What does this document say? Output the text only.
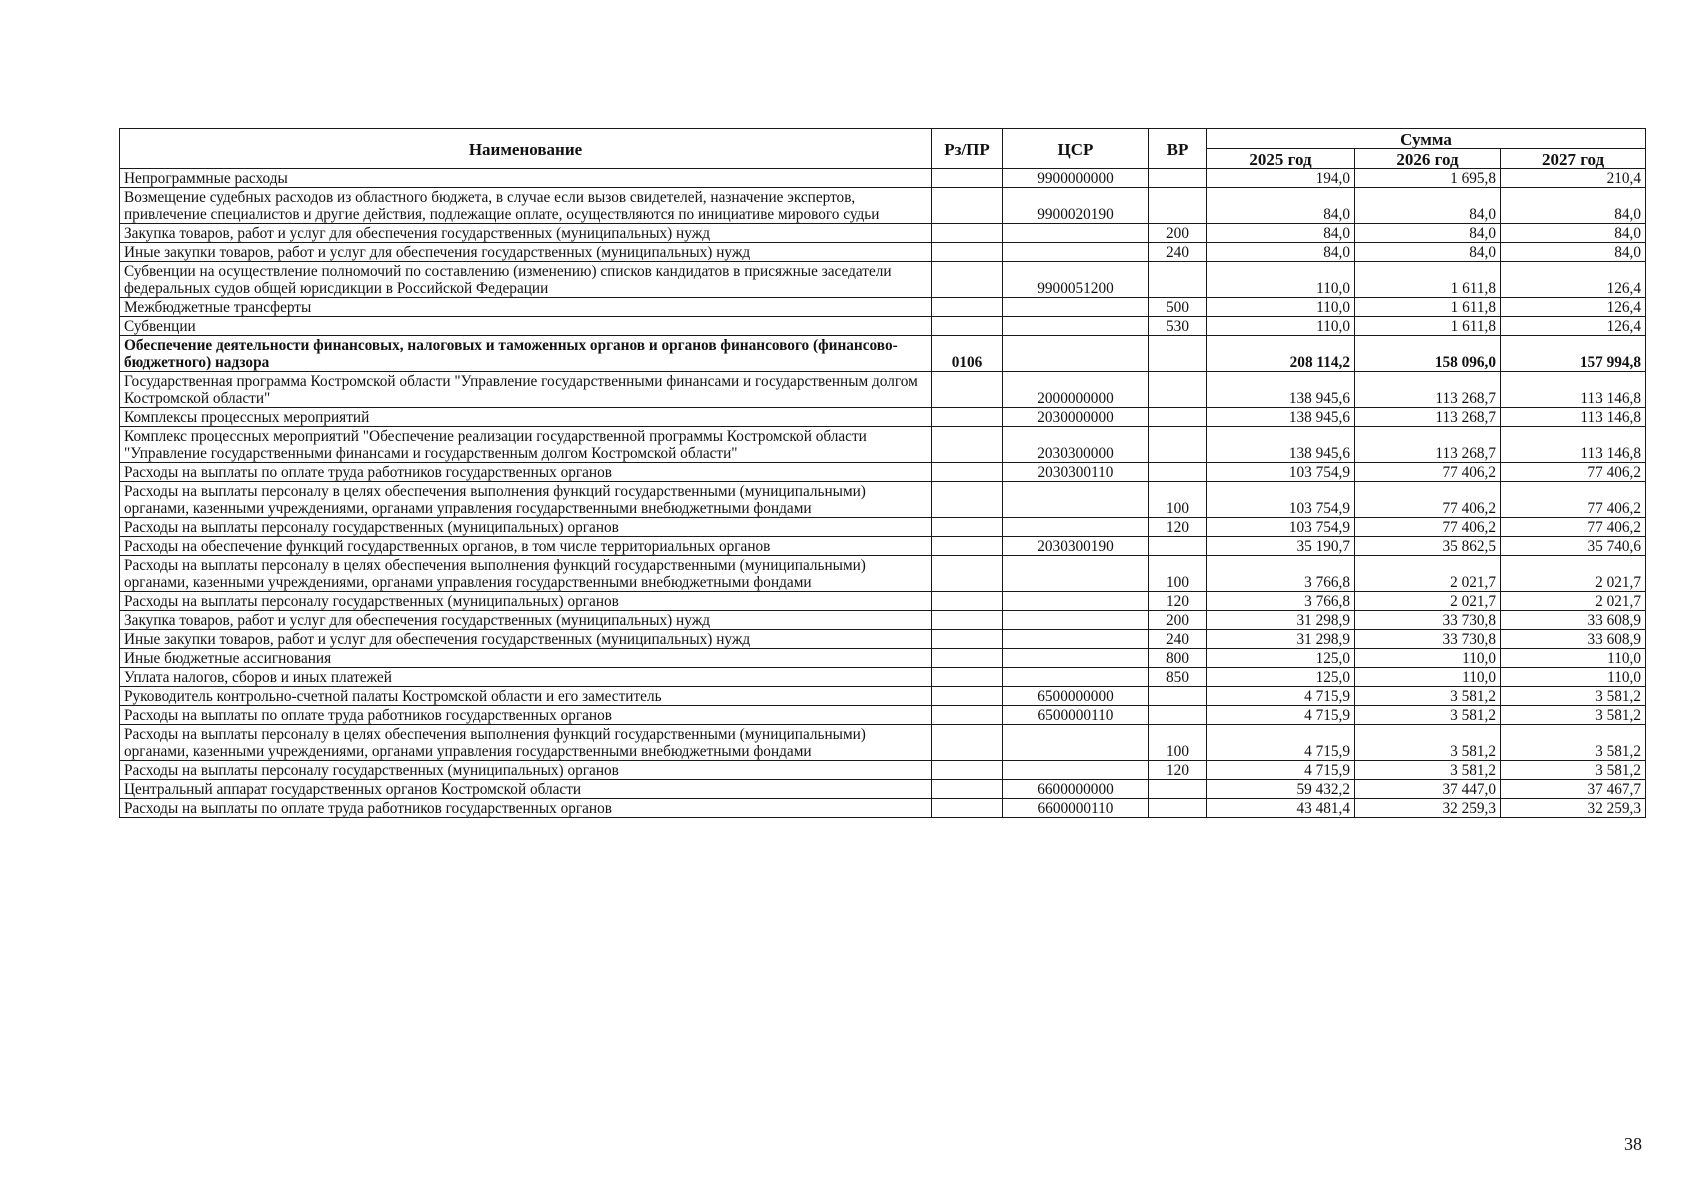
Наименование	Рз/ПР	ЦСР	ВР	Сумма		
				2025 год	2026 год	2027 год
Непрограммные расходы		9900000000		194,0	1 695,8	210,4
Возмещение судебных расходов из областного бюджета, в случае если вызов свидетелей, назначение экспертов, привлечение специалистов и другие действия, подлежащие оплате, осуществляются по инициативе мирового судьи		9900020190		84,0	84,0	84,0
Закупка товаров, работ и услуг для обеспечения государственных (муниципальных) нужд			200	84,0	84,0	84,0
Иные закупки товаров, работ и услуг для обеспечения государственных (муниципальных) нужд			240	84,0	84,0	84,0
Субвенции на осуществление полномочий по составлению (изменению) списков кандидатов в присяжные заседатели федеральных судов общей юрисдикции в Российской Федерации		9900051200		110,0	1 611,8	126,4
Межбюджетные трансферты			500	110,0	1 611,8	126,4
Субвенции			530	110,0	1 611,8	126,4
Обеспечение деятельности финансовых, налоговых и таможенных органов и органов финансового (финансово-бюджетного) надзора	0106			208 114,2	158 096,0	157 994,8
Государственная программа Костромской области "Управление государственными финансами и государственным долгом Костромской области"		2000000000		138 945,6	113 268,7	113 146,8
Комплексы процессных мероприятий		2030000000		138 945,6	113 268,7	113 146,8
Комплекс процессных мероприятий "Обеспечение реализации государственной программы Костромской области "Управление государственными финансами и государственным долгом Костромской области"		2030300000		138 945,6	113 268,7	113 146,8
Расходы на выплаты по оплате труда работников государственных органов		2030300110		103 754,9	77 406,2	77 406,2
Расходы на выплаты персоналу в целях обеспечения выполнения функций государственными (муниципальными) органами, казенными учреждениями, органами управления государственными внебюджетными фондами			100	103 754,9	77 406,2	77 406,2
Расходы на выплаты персоналу государственных (муниципальных) органов			120	103 754,9	77 406,2	77 406,2
Расходы на обеспечение функций государственных органов, в том числе территориальных органов		2030300190		35 190,7	35 862,5	35 740,6
Расходы на выплаты персоналу в целях обеспечения выполнения функций государственными (муниципальными) органами, казенными учреждениями, органами управления государственными внебюджетными фондами			100	3 766,8	2 021,7	2 021,7
Расходы на выплаты персоналу государственных (муниципальных) органов			120	3 766,8	2 021,7	2 021,7
Закупка товаров, работ и услуг для обеспечения государственных (муниципальных) нужд			200	31 298,9	33 730,8	33 608,9
Иные закупки товаров, работ и услуг для обеспечения государственных (муниципальных) нужд			240	31 298,9	33 730,8	33 608,9
Иные бюджетные ассигнования			800	125,0	110,0	110,0
Уплата налогов, сборов и иных платежей			850	125,0	110,0	110,0
Руководитель контрольно-счетной палаты Костромской области и его заместитель		6500000000		4 715,9	3 581,2	3 581,2
Расходы на выплаты по оплате труда работников государственных органов		6500000110		4 715,9	3 581,2	3 581,2
Расходы на выплаты персоналу в целях обеспечения выполнения функций государственными (муниципальными) органами, казенными учреждениями, органами управления государственными внебюджетными фондами			100	4 715,9	3 581,2	3 581,2
Расходы на выплаты персоналу государственных (муниципальных) органов			120	4 715,9	3 581,2	3 581,2
Центральный аппарат государственных органов Костромской области		6600000000		59 432,2	37 447,0	37 467,7
Расходы на выплаты по оплате труда работников государственных органов		6600000110		43 481,4	32 259,3	32 259,3
38
